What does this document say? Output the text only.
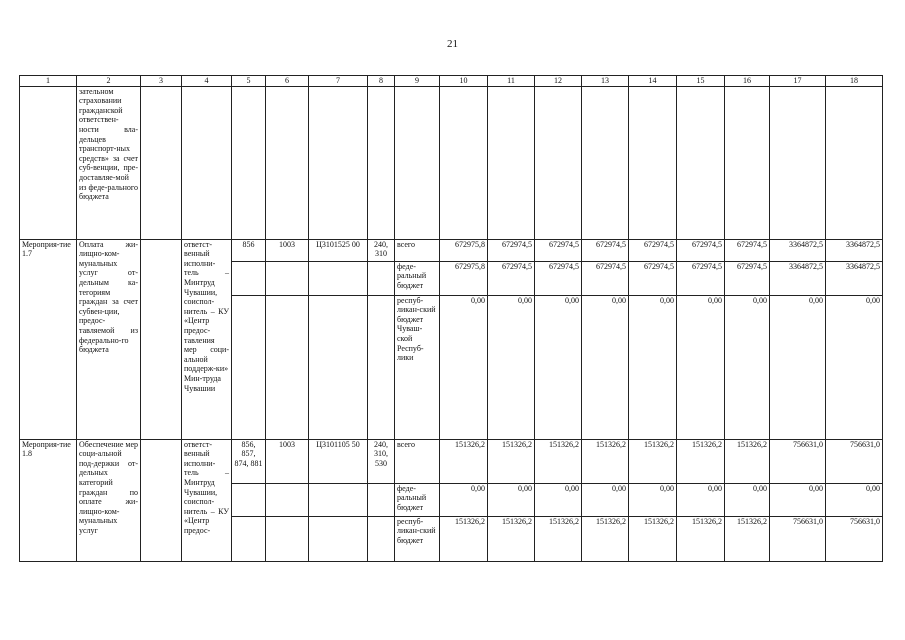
21
1	2	3	4	5	6	7	8	9	10	11	12	13	14	15	16	17	18
	зательном страховании гражданской ответствен-ности вла-дельцев транспорт-ных средств» за счет суб-венции, пре-доставляе-мой из феде-рального бюджета																
Мероприя-тие 1.7	Оплата жи-лищно-ком-мунальных услуг от-дельным ка-тегориям граждан за счет субвен-ции, предос-тавляемой из федерально-го бюджета		ответст-венный исполни-тель – Минтруд Чувашии, соиспол-нитель – КУ «Центр предос-тавления мер соци-альной поддерж-ки» Мин-труда Чувашии	856	1003	Ц3101525 00	240, 310	всего	672975,8	672974,5	672974,5	672974,5	672974,5	672974,5	672974,5	3364872,5	3364872,5
								феде-ральный бюджет	672975,8	672974,5	672974,5	672974,5	672974,5	672974,5	672974,5	3364872,5	3364872,5
								респуб-ликан-ский бюджет Чуваш-ской Респуб-лики	0,00	0,00	0,00	0,00	0,00	0,00	0,00	0,00	0,00
Мероприя-тие 1.8	Обеспечение мер соци-альной под-держки от-дельных категорий граждан по оплате жи-лищно-ком-мунальных услуг		ответст-венный исполни-тель – Минтруд Чувашии, соиспол-нитель – КУ «Центр предос-	856, 857, 874, 881	1003	Ц3101105 50	240, 310, 530	всего	151326,2	151326,2	151326,2	151326,2	151326,2	151326,2	151326,2	756631,0	756631,0
								феде-ральный бюджет	0,00	0,00	0,00	0,00	0,00	0,00	0,00	0,00	0,00
								респуб-ликан-ский бюджет	151326,2	151326,2	151326,2	151326,2	151326,2	151326,2	151326,2	756631,0	756631,0
